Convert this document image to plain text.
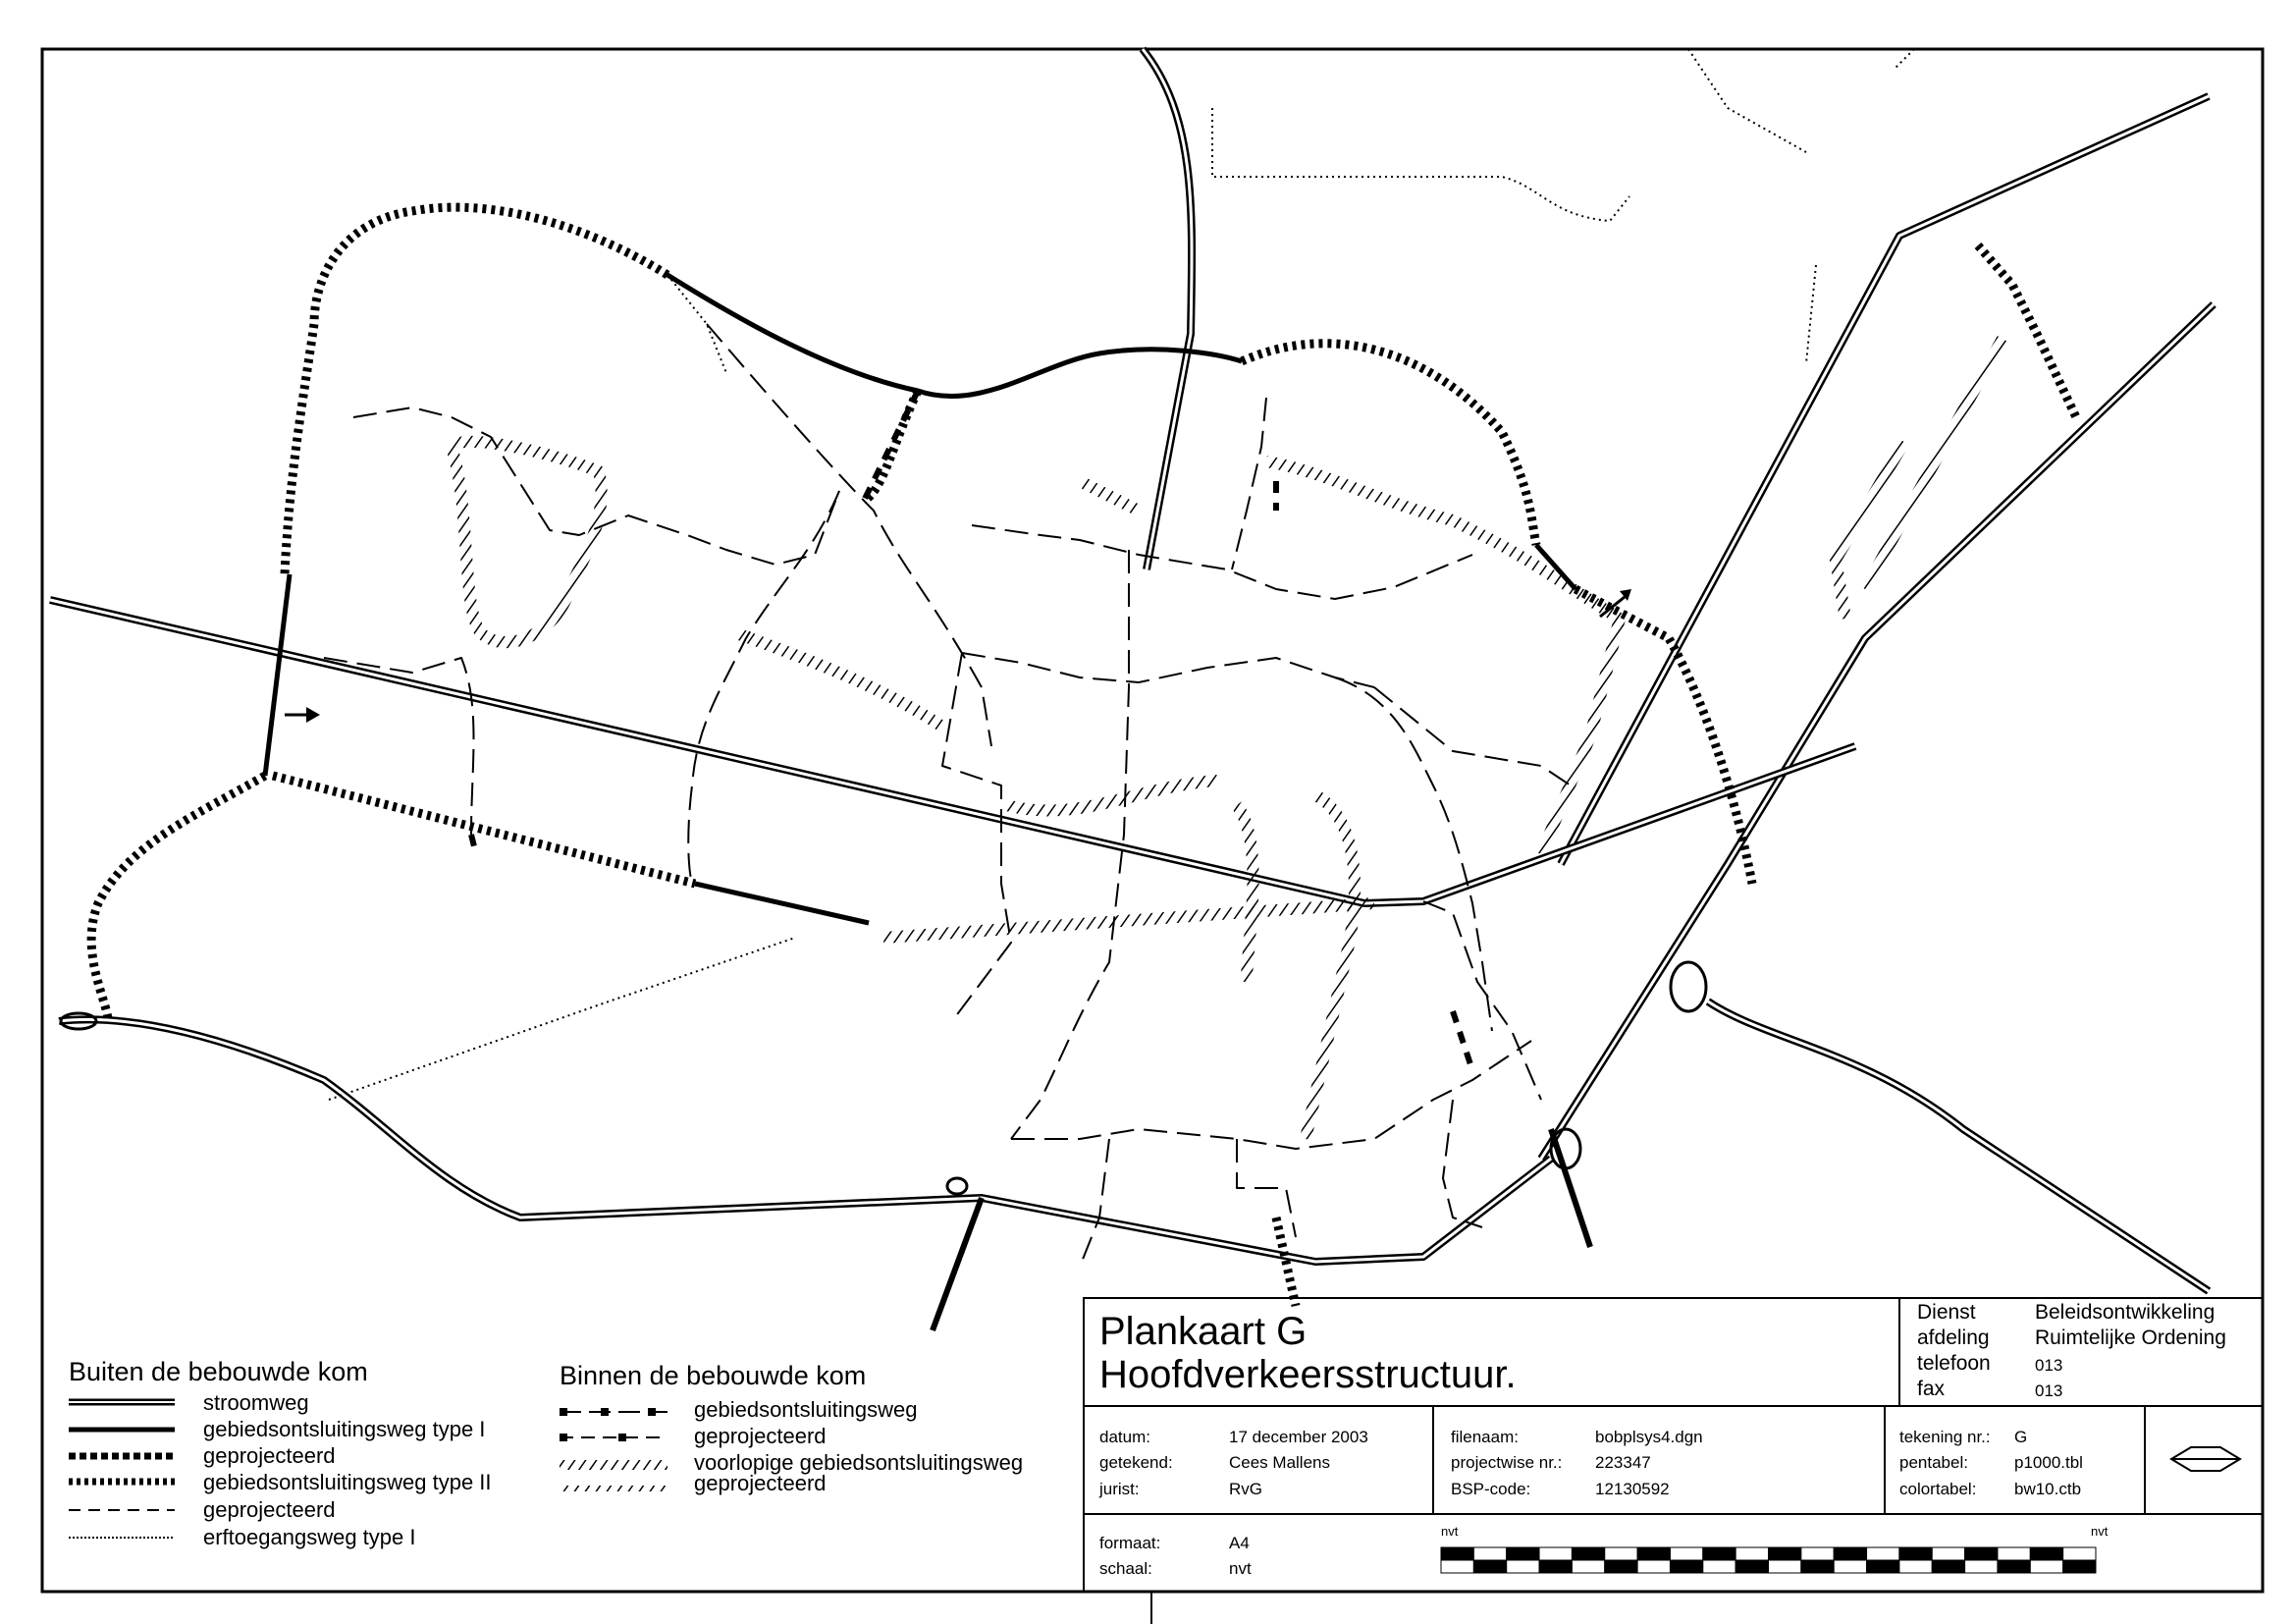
Buiten de bebouwde kom
stroomweg
gebiedsontsluitingsweg type I
geprojecteerd
gebiedsontsluitingsweg type II
geprojecteerd
erftoegangsweg type I
Binnen de bebouwde kom
gebiedsontsluitingsweg
geprojecteerd
voorlopige gebiedsontsluitingsweg
geprojecteerd
Plankaart G
Hoofdverkeersstructuur.
Dienst
afdeling
telefoon
fax
Beleidsontwikkeling
Ruimtelijke Ordening
013
013
datum:
getekend:
jurist:
17 december 2003
Cees Mallens
RvG
filenaam:
projectwise nr.:
BSP-code:
bobplsys4.dgn
223347
12130592
tekening nr.:
pentabel:
colortabel:
G
p1000.tbl
bw10.ctb
formaat:
schaal:
A4
nvt
nvt	nvt
